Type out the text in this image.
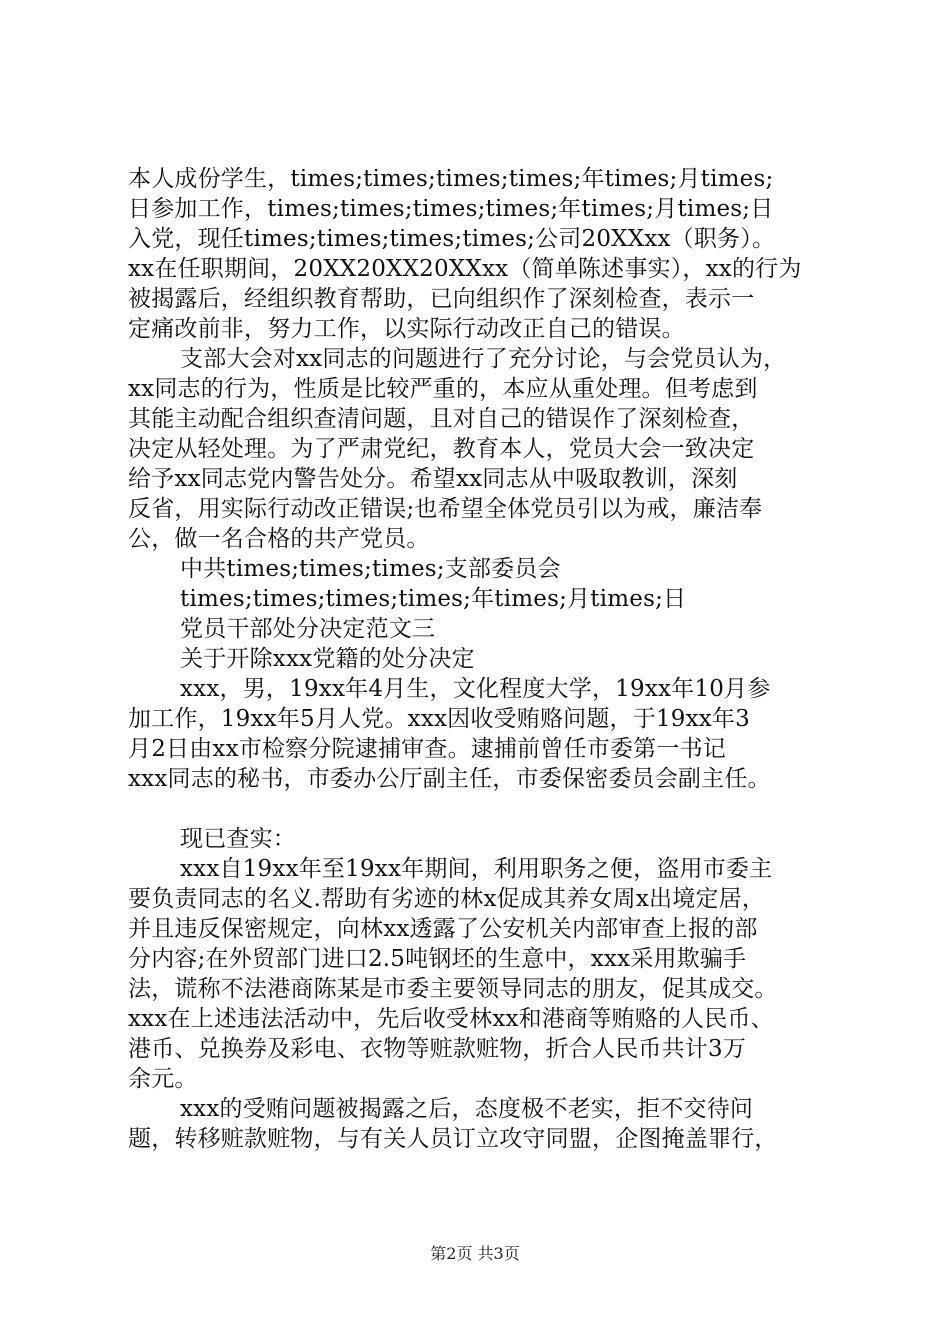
本人成份学生，times;times;times;times;年times;月times;
日参加工作，times;times;times;times;年times;月times;日
入党，现任times;times;times;times;公司20XXxx（职务）。
xx在任职期间，20XX20XX20XXxx（简单陈述事实），xx的行为
被揭露后，经组织教育帮助，已向组织作了深刻检查，表示一
定痛改前非，努力工作，以实际行动改正自己的错误。
支部大会对xx同志的问题进行了充分讨论，与会党员认为，
xx同志的行为，性质是比较严重的，本应从重处理。但考虑到
其能主动配合组织查清问题，且对自己的错误作了深刻检查，
决定从轻处理。为了严肃党纪，教育本人，党员大会一致决定
给予xx同志党内警告处分。希望xx同志从中吸取教训，深刻
反省，用实际行动改正错误;也希望全体党员引以为戒，廉洁奉
公，做一名合格的共产党员。
中共times;times;times;支部委员会
times;times;times;times;年times;月times;日
党员干部处分决定范文三
关于开除xxx党籍的处分决定
xxx，男，19xx年4月生，文化程度大学，19xx年10月参
加工作，19xx年5月人党。xxx因收受贿赂问题，于19xx年3
月2日由xx市检察分院逮捕审查。逮捕前曾任市委第一书记
xxx同志的秘书，市委办公厅副主任，市委保密委员会副主任。
现已查实：
xxx自19xx年至19xx年期间，利用职务之便，盗用市委主
要负责同志的名义.帮助有劣迹的林x促成其养女周x出境定居，
并且违反保密规定，向林xx透露了公安机关内部审查上报的部
分内容;在外贸部门进口2.5吨钢坯的生意中，xxx采用欺骗手
法，谎称不法港商陈某是市委主要领导同志的朋友，促其成交。
xxx在上述违法活动中，先后收受林xx和港商等贿赂的人民币、
港币、兑换券及彩电、衣物等赃款赃物，折合人民币共计3万
余元。
xxx的受贿问题被揭露之后，态度极不老实，拒不交待问
题，转移赃款赃物，与有关人员订立攻守同盟，企图掩盖罪行，
第2页 共3页
